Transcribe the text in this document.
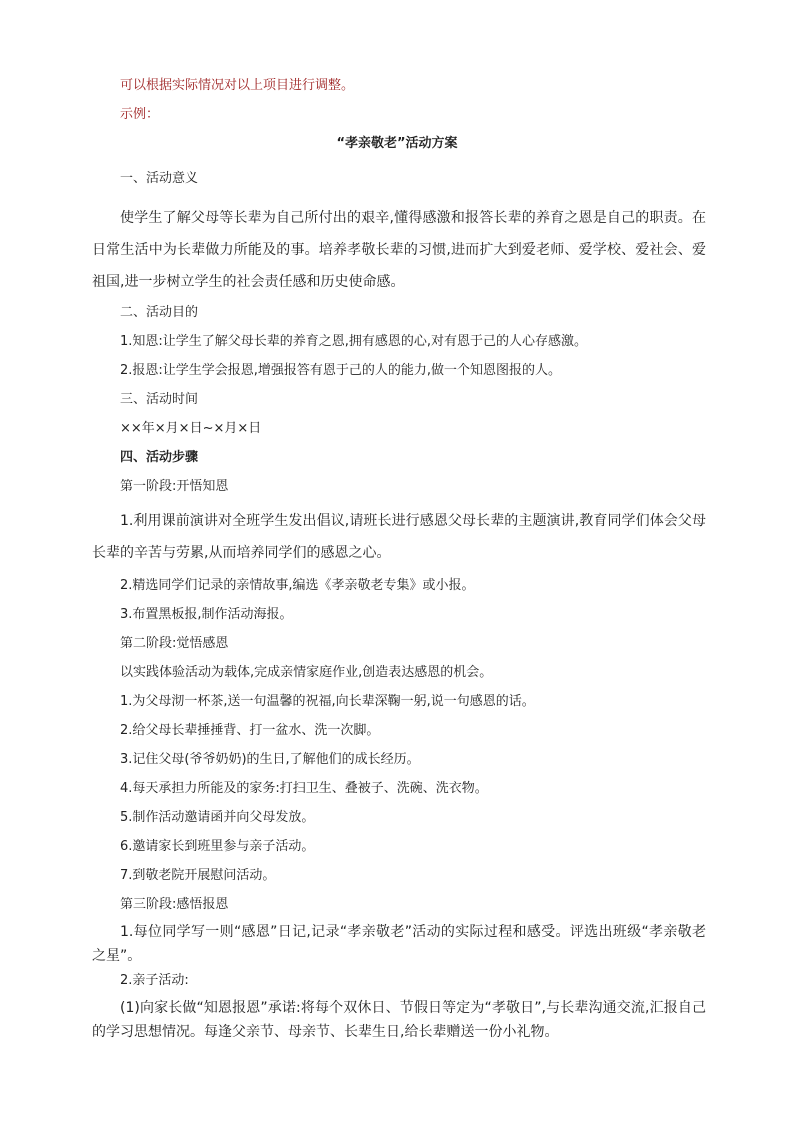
可以根据实际情况对以上项目进行调整。
示例：
“孝亲敬老”活动方案
一、活动意义
使学生了解父母等长辈为自己所付出的艰辛,懂得感激和报答长辈的养育之恩是自己的职责。在日常生活中为长辈做力所能及的事。培养孝敬长辈的习惯,进而扩大到爱老师、爱学校、爱社会、爱祖国,进一步树立学生的社会责任感和历史使命感。
二、活动目的
1.知恩:让学生了解父母长辈的养育之恩,拥有感恩的心,对有恩于己的人心存感激。
2.报恩:让学生学会报恩,增强报答有恩于己的人的能力,做一个知恩图报的人。
三、活动时间
××年×月×日~×月×日
四、活动步骤
第一阶段:开悟知恩
1.利用课前演讲对全班学生发出倡议,请班长进行感恩父母长辈的主题演讲,教育同学们体会父母长辈的辛苦与劳累,从而培养同学们的感恩之心。
2.精选同学们记录的亲情故事,编选《孝亲敬老专集》或小报。
3.布置黑板报,制作活动海报。
第二阶段:觉悟感恩
以实践体验活动为载体,完成亲情家庭作业,创造表达感恩的机会。
1.为父母沏一杯茶,送一句温馨的祝福,向长辈深鞠一躬,说一句感恩的话。
2.给父母长辈捶捶背、打一盆水、洗一次脚。
3.记住父母(爷爷奶奶)的生日,了解他们的成长经历。
4.每天承担力所能及的家务:打扫卫生、叠被子、洗碗、洗衣物。
5.制作活动邀请函并向父母发放。
6.邀请家长到班里参与亲子活动。
7.到敬老院开展慰问活动。
第三阶段:感悟报恩
1.每位同学写一则“感恩”日记,记录“孝亲敬老”活动的实际过程和感受。评选出班级“孝亲敬老之星”。
2.亲子活动:
(1)向家长做“知恩报恩”承诺:将每个双休日、节假日等定为“孝敬日”,与长辈沟通交流,汇报自己的学习思想情况。每逢父亲节、母亲节、长辈生日,给长辈赠送一份小礼物。
